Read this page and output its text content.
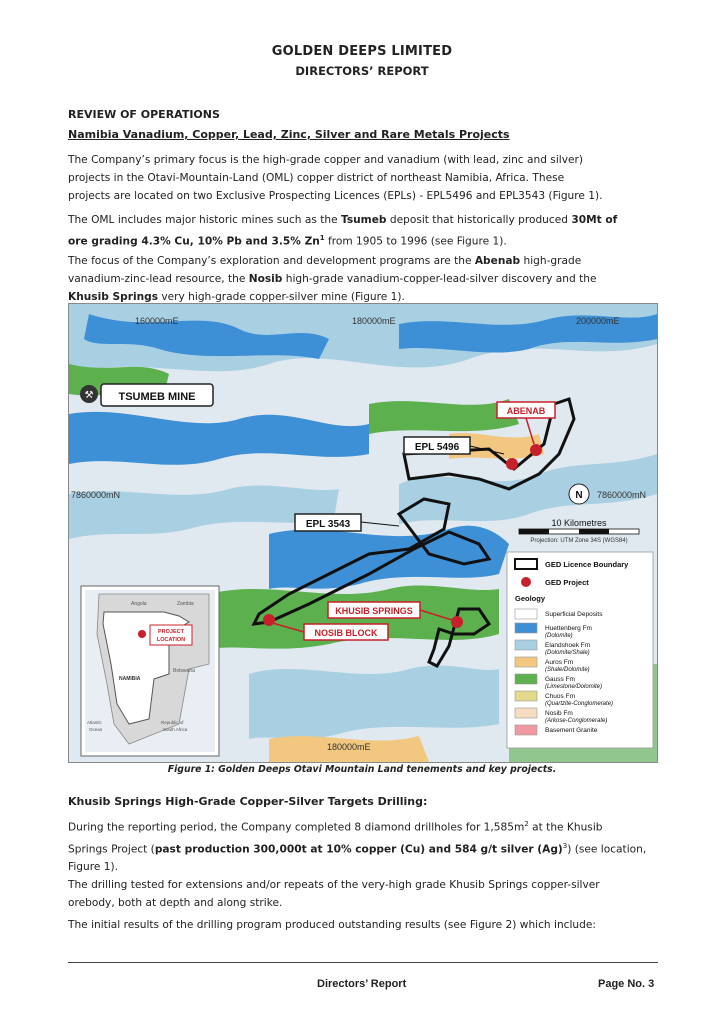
GOLDEN DEEPS LIMITED
DIRECTORS’ REPORT
REVIEW OF OPERATIONS
Namibia Vanadium, Copper, Lead, Zinc, Silver and Rare Metals Projects
The Company’s primary focus is the high-grade copper and vanadium (with lead, zinc and silver)
projects in the Otavi-Mountain-Land (OML) copper district of northeast Namibia, Africa. These
projects are located on two Exclusive Prospecting Licences (EPLs) - EPL5496 and EPL3543 (Figure 1).
The OML includes major historic mines such as the Tsumeb deposit that historically produced 30Mt of
ore grading 4.3% Cu, 10% Pb and 3.5% Zn$^1$ from 1905 to 1996 (see Figure 1).
The focus of the Company’s exploration and development programs are the Abenab high-grade
vanadium-zinc-lead resource, the Nosib high-grade vanadium-copper-lead-silver discovery and the
Khusib Springs very high-grade copper-silver mine (Figure 1).
160000mE	180000mE	200000mE
7860000mN	7860000mN
180000mE
⚒ TSUMEB MINE
ABENAB
EPL 5496
EPL 3543
KHUSIB SPRINGS
NOSIB BLOCK
N
10 Kilometres
Projection: UTM Zone 34S (WGS84)
GED Licence Boundary
GED Project
Geology
Superficial Deposits
Huettenberg Fm
(Dolomite)
Elandshoek Fm
(Dolomite/Shale)
Auros Fm
(Shale/Dolomite)
Gauss Fm
(Limestone/Dolomite)
Chuos Fm
(Quartzite-Conglomerate)
Nosib Fm
(Arkose-Conglomerate)
Basement Granite
Angola	Zambia
NAMIBIA
Botswana
Republic of
South Africa
Atlantic
Ocean
PROJECT
LOCATION
Figure 1: Golden Deeps Otavi Mountain Land tenements and key projects.
Khusib Springs High-Grade Copper-Silver Targets Drilling:
During the reporting period, the Company completed 8 diamond drillholes for $1,585m^2$ at the Khusib
Springs Project (past production 300,000t at 10% copper (Cu) and 584 g/t silver $(Ag)^3$) (see location,
Figure 1).
The drilling tested for extensions and/or repeats of the very-high grade Khusib Springs copper-silver
orebody, both at depth and along strike.
The initial results of the drilling program produced outstanding results (see Figure 2) which include:
Directors’ Report	Page No. 3
